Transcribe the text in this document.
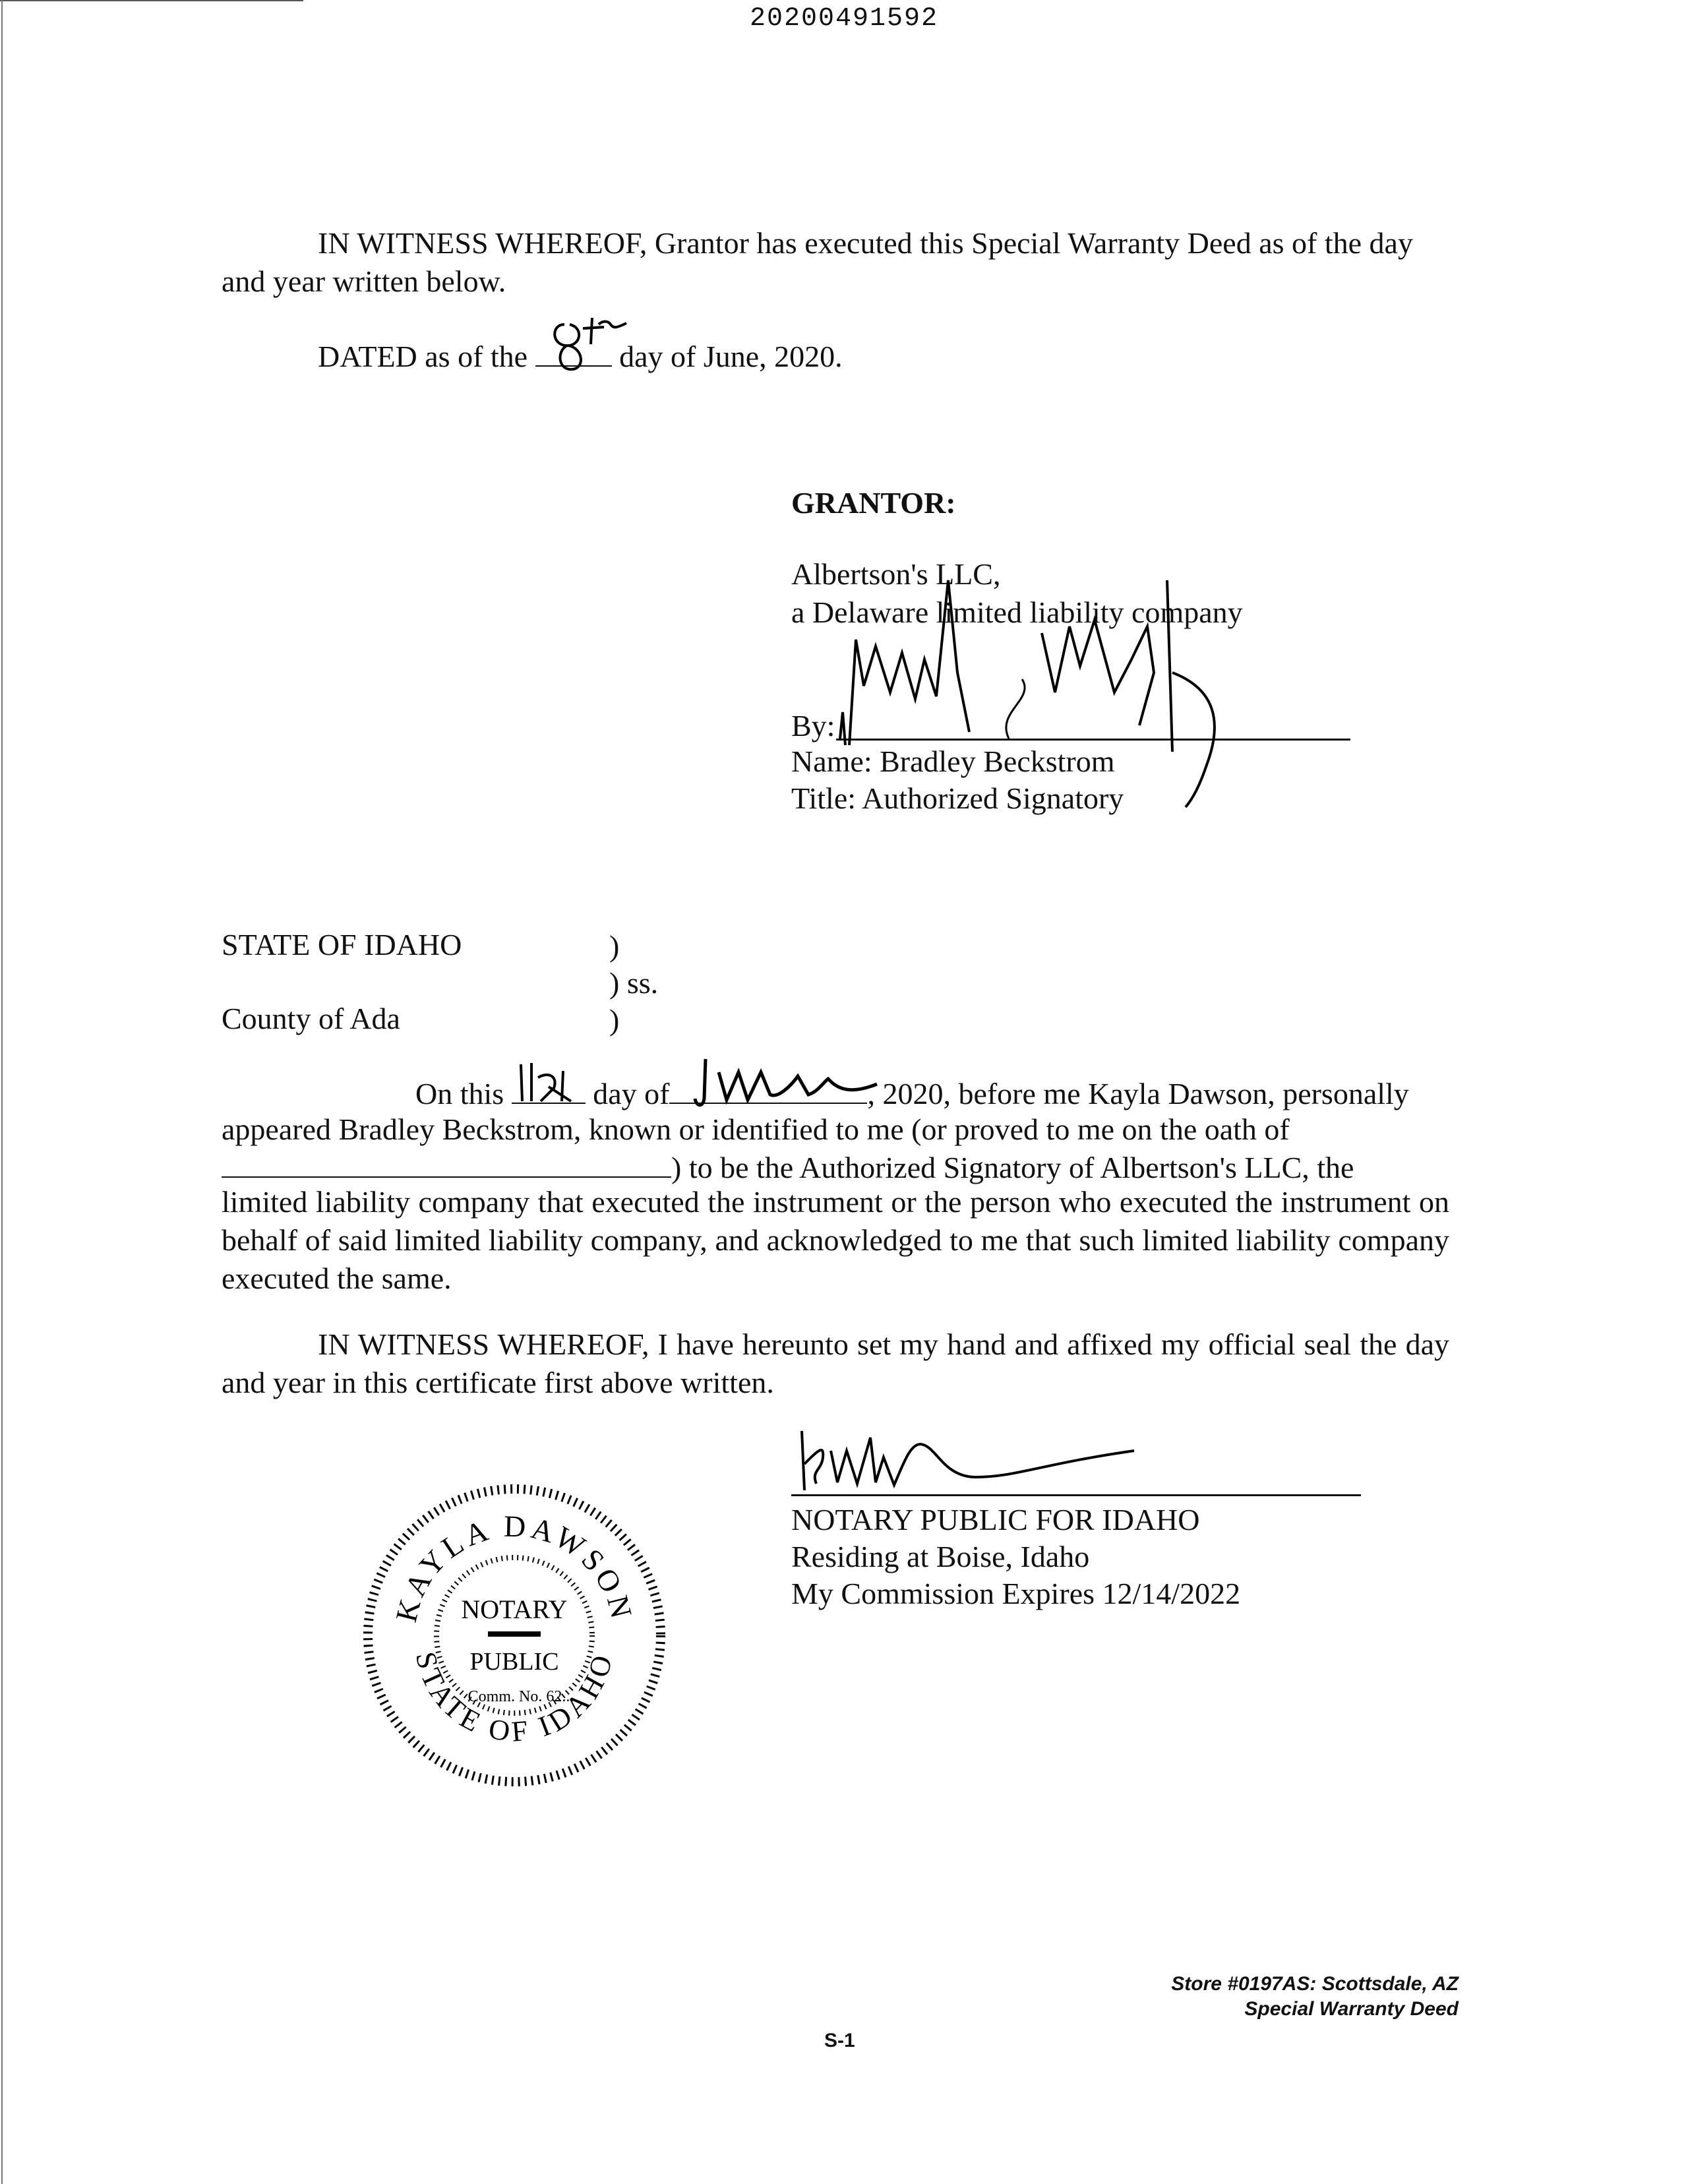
20200491592
IN WITNESS WHEREOF, Grantor has executed this Special Warranty Deed as of the day and year written below.
DATED as of the	day of June, 2020.
GRANTOR:
Albertson's LLC,
a Delaware limited liability company
By:
Name: Bradley Beckstrom
Title: Authorized Signatory
STATE OF IDAHO	)
) ss.
County of Ada	)
On this	day of	, 2020, before me Kayla Dawson, personally
appeared Bradley Beckstrom, known or identified to me (or proved to me on the oath of
) to be the Authorized Signatory of Albertson's LLC, the
limited liability company that executed the instrument or the person who executed the instrument on behalf of said limited liability company, and acknowledged to me that such limited liability company executed the same.
IN WITNESS WHEREOF, I have hereunto set my hand and affixed my official seal the day and year in this certificate first above written.
NOTARY PUBLIC FOR IDAHO
Residing at Boise, Idaho
My Commission Expires 12/14/2022
KAYLA DAWSON
STATE OF IDAHO
NOTARY
PUBLIC
Comm. No. 62...
Store #0197AS: Scottsdale, AZ
Special Warranty Deed
S-1
